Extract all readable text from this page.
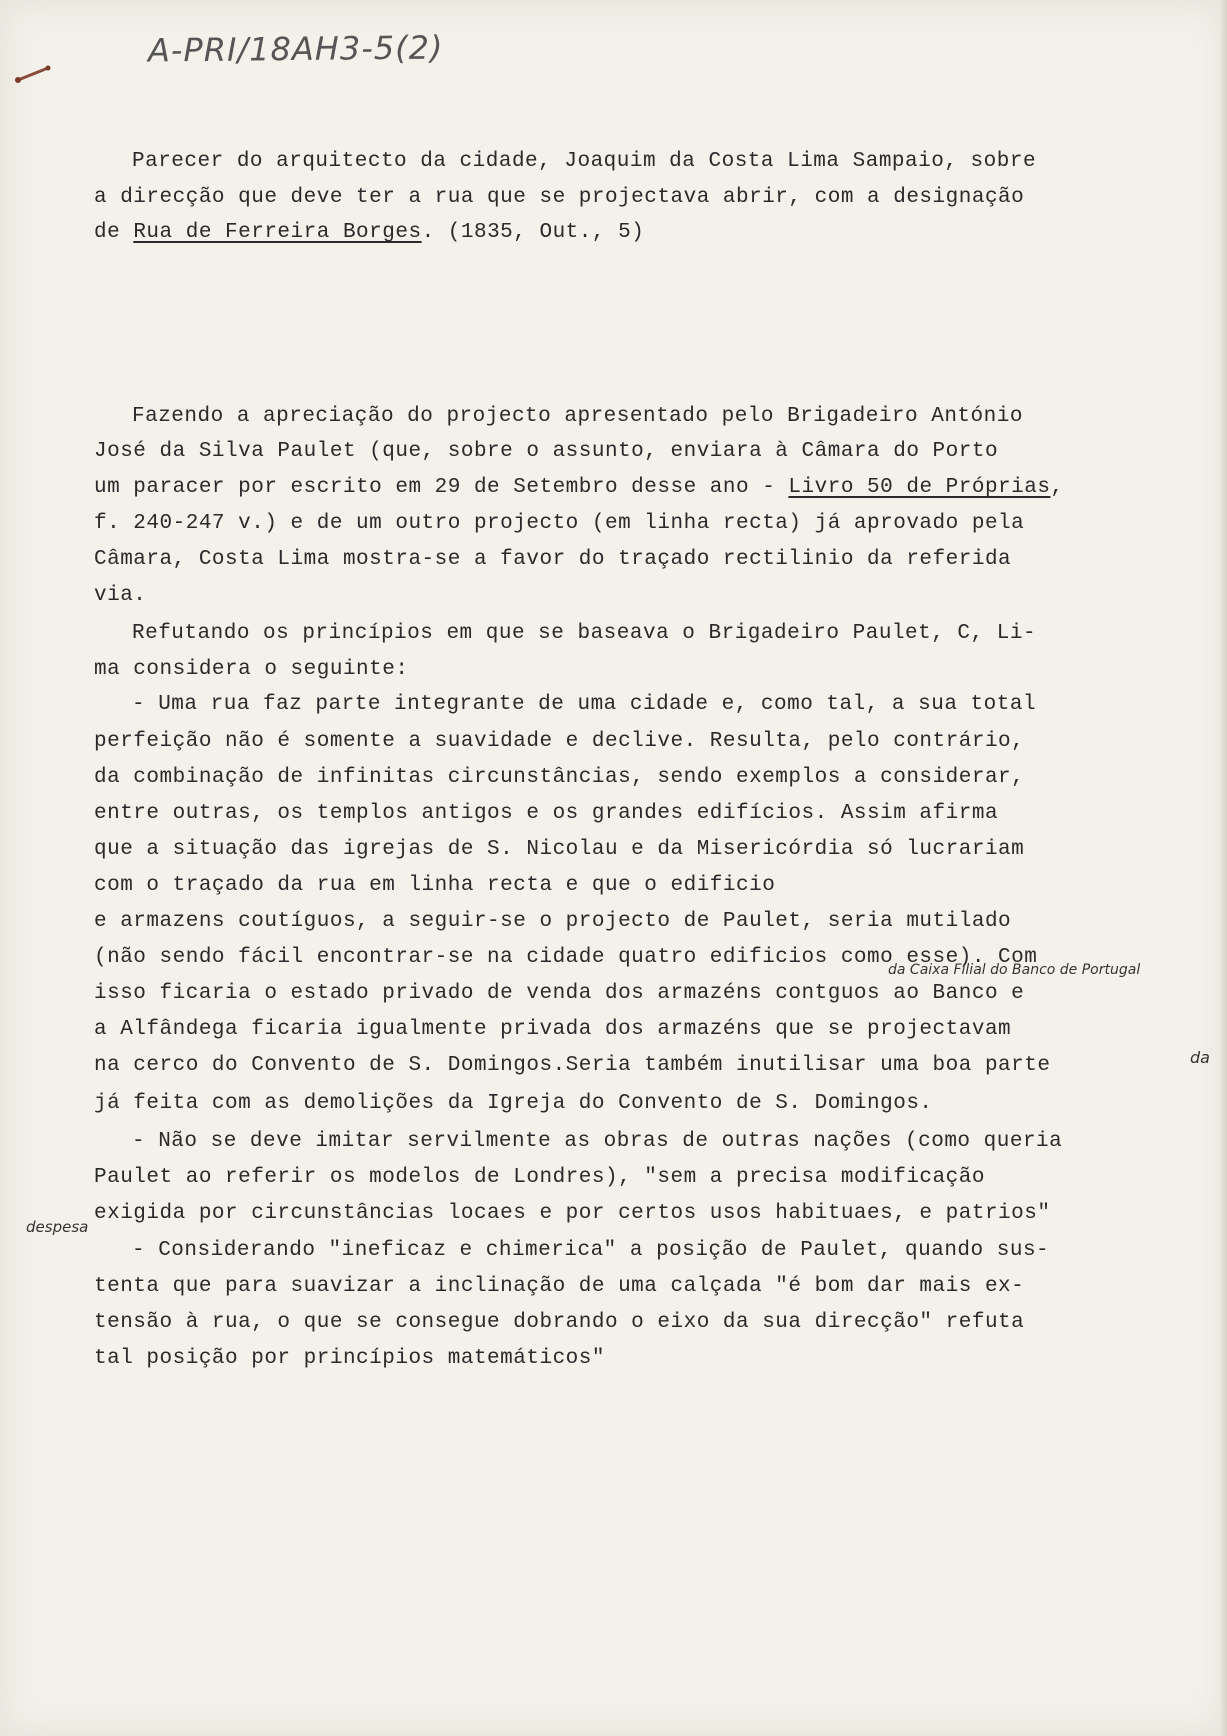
A-PRI/18AH3-5(2)
Parecer do arquitecto da cidade, Joaquim da Costa Lima Sampaio, sobre
a direcção que deve ter a rua que se projectava abrir, com a designação
de Rua de Ferreira Borges. (1835, Out., 5)
Fazendo a apreciação do projecto apresentado pelo Brigadeiro António
José da Silva Paulet (que, sobre o assunto, enviara à Câmara do Porto
um paracer por escrito em 29 de Setembro desse ano - Livro 50 de Próprias,
f. 240-247 v.) e de um outro projecto (em linha recta) já aprovado pela
Câmara, Costa Lima mostra-se a favor do traçado rectilinio da referida
via.
Refutando os princípios em que se baseava o Brigadeiro Paulet, C, Li-
ma considera o seguinte:
- Uma rua faz parte integrante de uma cidade e, como tal, a sua total
perfeição não é somente a suavidade e declive. Resulta, pelo contrário,
da combinação de infinitas circunstâncias, sendo exemplos a considerar,
entre outras, os templos antigos e os grandes edifícios. Assim afirma
que a situação das igrejas de S. Nicolau e da Misericórdia só lucrariam
com o traçado da rua em linha recta e que o edificio
e armazens coutíguos, a seguir-se o projecto de Paulet, seria mutilado
(não sendo fácil encontrar-se na cidade quatro edificios como esse). Com
isso ficaria o estado privado de venda dos armazéns contguos ao Banco e
a Alfândega ficaria igualmente privada dos armazéns que se projectavam
na cerco do Convento de S. Domingos.Seria também inutilisar uma boa parte
já feita com as demolições da Igreja do Convento de S. Domingos.
- Não se deve imitar servilmente as obras de outras nações (como queria
Paulet ao referir os modelos de Londres), "sem a precisa modificação
exigida por circunstâncias locaes e por certos usos habituaes, e patrios"
- Considerando "ineficaz e chimerica" a posição de Paulet, quando sus-
tenta que para suavizar a inclinação de uma calçada "é bom dar mais ex-
tensão à rua, o que se consegue dobrando o eixo da sua direcção" refuta
tal posição por princípios matemáticos"
da Caixa Filial do Banco de Portugal
da
despesa
